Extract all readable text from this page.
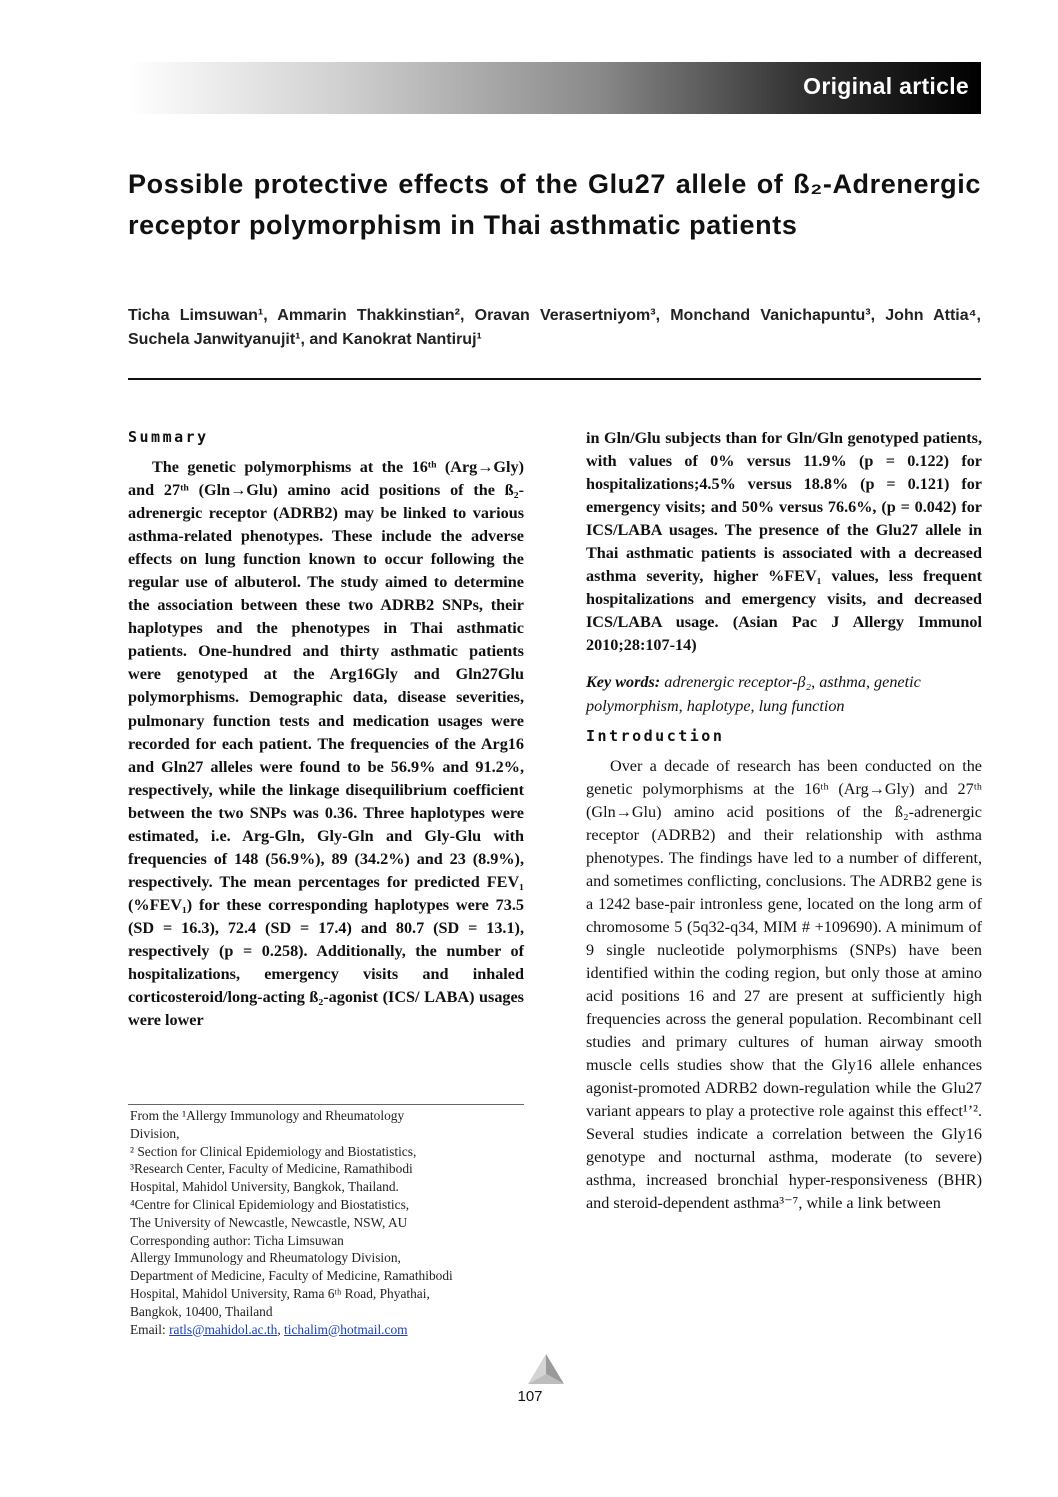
Original article
Possible protective effects of the Glu27 allele of ß₂-Adrenergic receptor polymorphism in Thai asthmatic patients
Ticha Limsuwan¹, Ammarin Thakkinstian², Oravan Verasertniyom³, Monchand Vanichapuntu³, John Attia⁴, Suchela Janwityanujit¹, and Kanokrat Nantiruj¹
Summary

The genetic polymorphisms at the 16ᵗʰ (Arg→Gly) and 27ᵗʰ (Gln→Glu) amino acid positions of the ß₂-adrenergic receptor (ADRB2) may be linked to various asthma-related phenotypes. These include the adverse effects on lung function known to occur following the regular use of albuterol. The study aimed to determine the association between these two ADRB2 SNPs, their haplotypes and the phenotypes in Thai asthmatic patients. One-hundred and thirty asthmatic patients were genotyped at the Arg16Gly and Gln27Glu polymorphisms. Demographic data, disease severities, pulmonary function tests and medication usages were recorded for each patient. The frequencies of the Arg16 and Gln27 alleles were found to be 56.9% and 91.2%, respectively, while the linkage disequilibrium coefficient between the two SNPs was 0.36. Three haplotypes were estimated, i.e. Arg-Gln, Gly-Gln and Gly-Glu with frequencies of 148 (56.9%), 89 (34.2%) and 23 (8.9%), respectively. The mean percentages for predicted FEV₁ (%FEV₁) for these corresponding haplotypes were 73.5 (SD = 16.3), 72.4 (SD = 17.4) and 80.7 (SD = 13.1), respectively (p = 0.258). Additionally, the number of hospitalizations, emergency visits and inhaled corticosteroid/long-acting ß₂-agonist (ICS/ LABA) usages were lower

in Gln/Glu subjects than for Gln/Gln genotyped patients, with values of 0% versus 11.9% (p = 0.122) for hospitalizations;4.5% versus 18.8% (p = 0.121) for emergency visits; and 50% versus 76.6%, (p = 0.042) for ICS/LABA usages. The presence of the Glu27 allele in Thai asthmatic patients is associated with a decreased asthma severity, higher %FEV₁ values, less frequent hospitalizations and emergency visits, and decreased ICS/LABA usage. (Asian Pac J Allergy Immunol 2010;28:107-14)

Key words: adrenergic receptor-β₂, asthma, genetic polymorphism, haplotype, lung function

Introduction

Over a decade of research has been conducted on the genetic polymorphisms at the 16ᵗʰ (Arg→Gly) and 27ᵗʰ (Gln→Glu) amino acid positions of the ß₂-adrenergic receptor (ADRB2) and their relationship with asthma phenotypes. The findings have led to a number of different, and sometimes conflicting, conclusions. The ADRB2 gene is a 1242 base-pair intronless gene, located on the long arm of chromosome 5 (5q32-q34, MIM # +109690). A minimum of 9 single nucleotide polymorphisms (SNPs) have been identified within the coding region, but only those at amino acid positions 16 and 27 are present at sufficiently high frequencies across the general population. Recombinant cell studies and primary cultures of human airway smooth muscle cells studies show that the Gly16 allele enhances agonist-promoted ADRB2 down-regulation while the Glu27 variant appears to play a protective role against this effect¹ʼ². Several studies indicate a correlation between the Gly16 genotype and nocturnal asthma, moderate (to severe) asthma, increased bronchial hyper-responsiveness (BHR) and steroid-dependent asthma³⁻⁷, while a link between

From the ¹Allergy Immunology and Rheumatology
Division,
² Section for Clinical Epidemiology and Biostatistics,
³Research Center, Faculty of Medicine, Ramathibodi
Hospital, Mahidol University, Bangkok, Thailand.
⁴Centre for Clinical Epidemiology and Biostatistics,
The University of Newcastle, Newcastle, NSW, AU
Corresponding author: Ticha Limsuwan
Allergy Immunology and Rheumatology Division,
Department of Medicine, Faculty of Medicine, Ramathibodi
Hospital, Mahidol University, Rama 6ᵗʰ Road, Phyathai,
Bangkok, 10400, Thailand
Email: ratls@mahidol.ac.th, tichalim@hotmail.com
107
